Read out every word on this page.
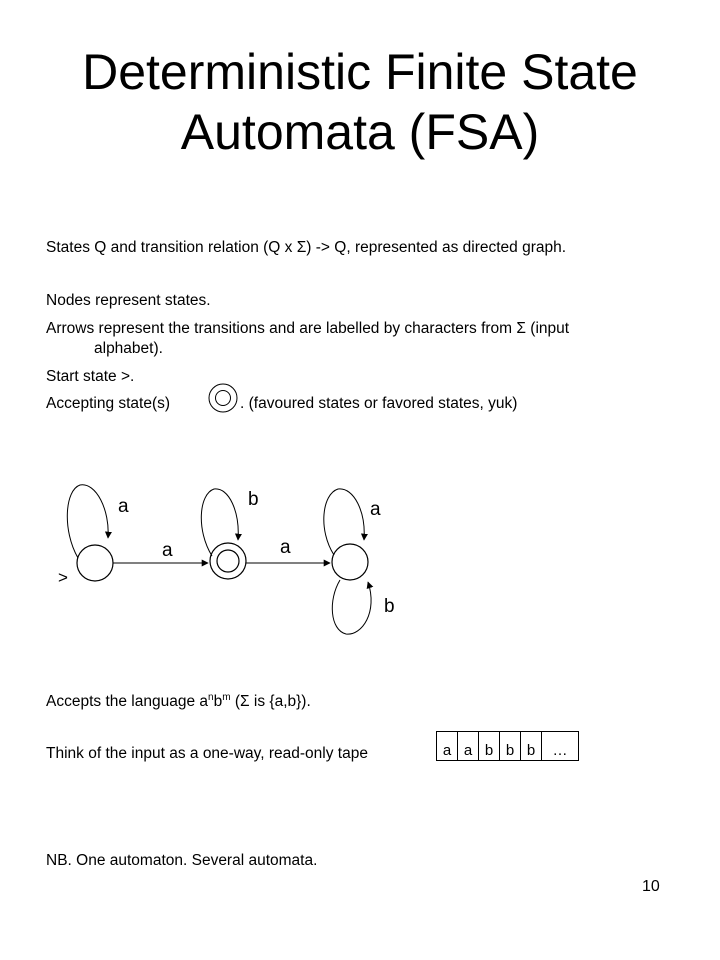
Deterministic Finite State
Automata (FSA)
States Q and transition relation (Q x Σ) -> Q, represented as directed graph.
Nodes represent states.
Arrows represent the transitions and are labelled by characters from Σ (input
alphabet).
Start state >.
Accepting state(s)	. (favoured states or favored states, yuk)
a	b	a
b
a	a
>
Accepts the language $a^nb^m$ (Σ is {a,b}).
Think of the input as a one-way, read-only tape	a a b b b	…
NB. One automaton. Several automata.
10
